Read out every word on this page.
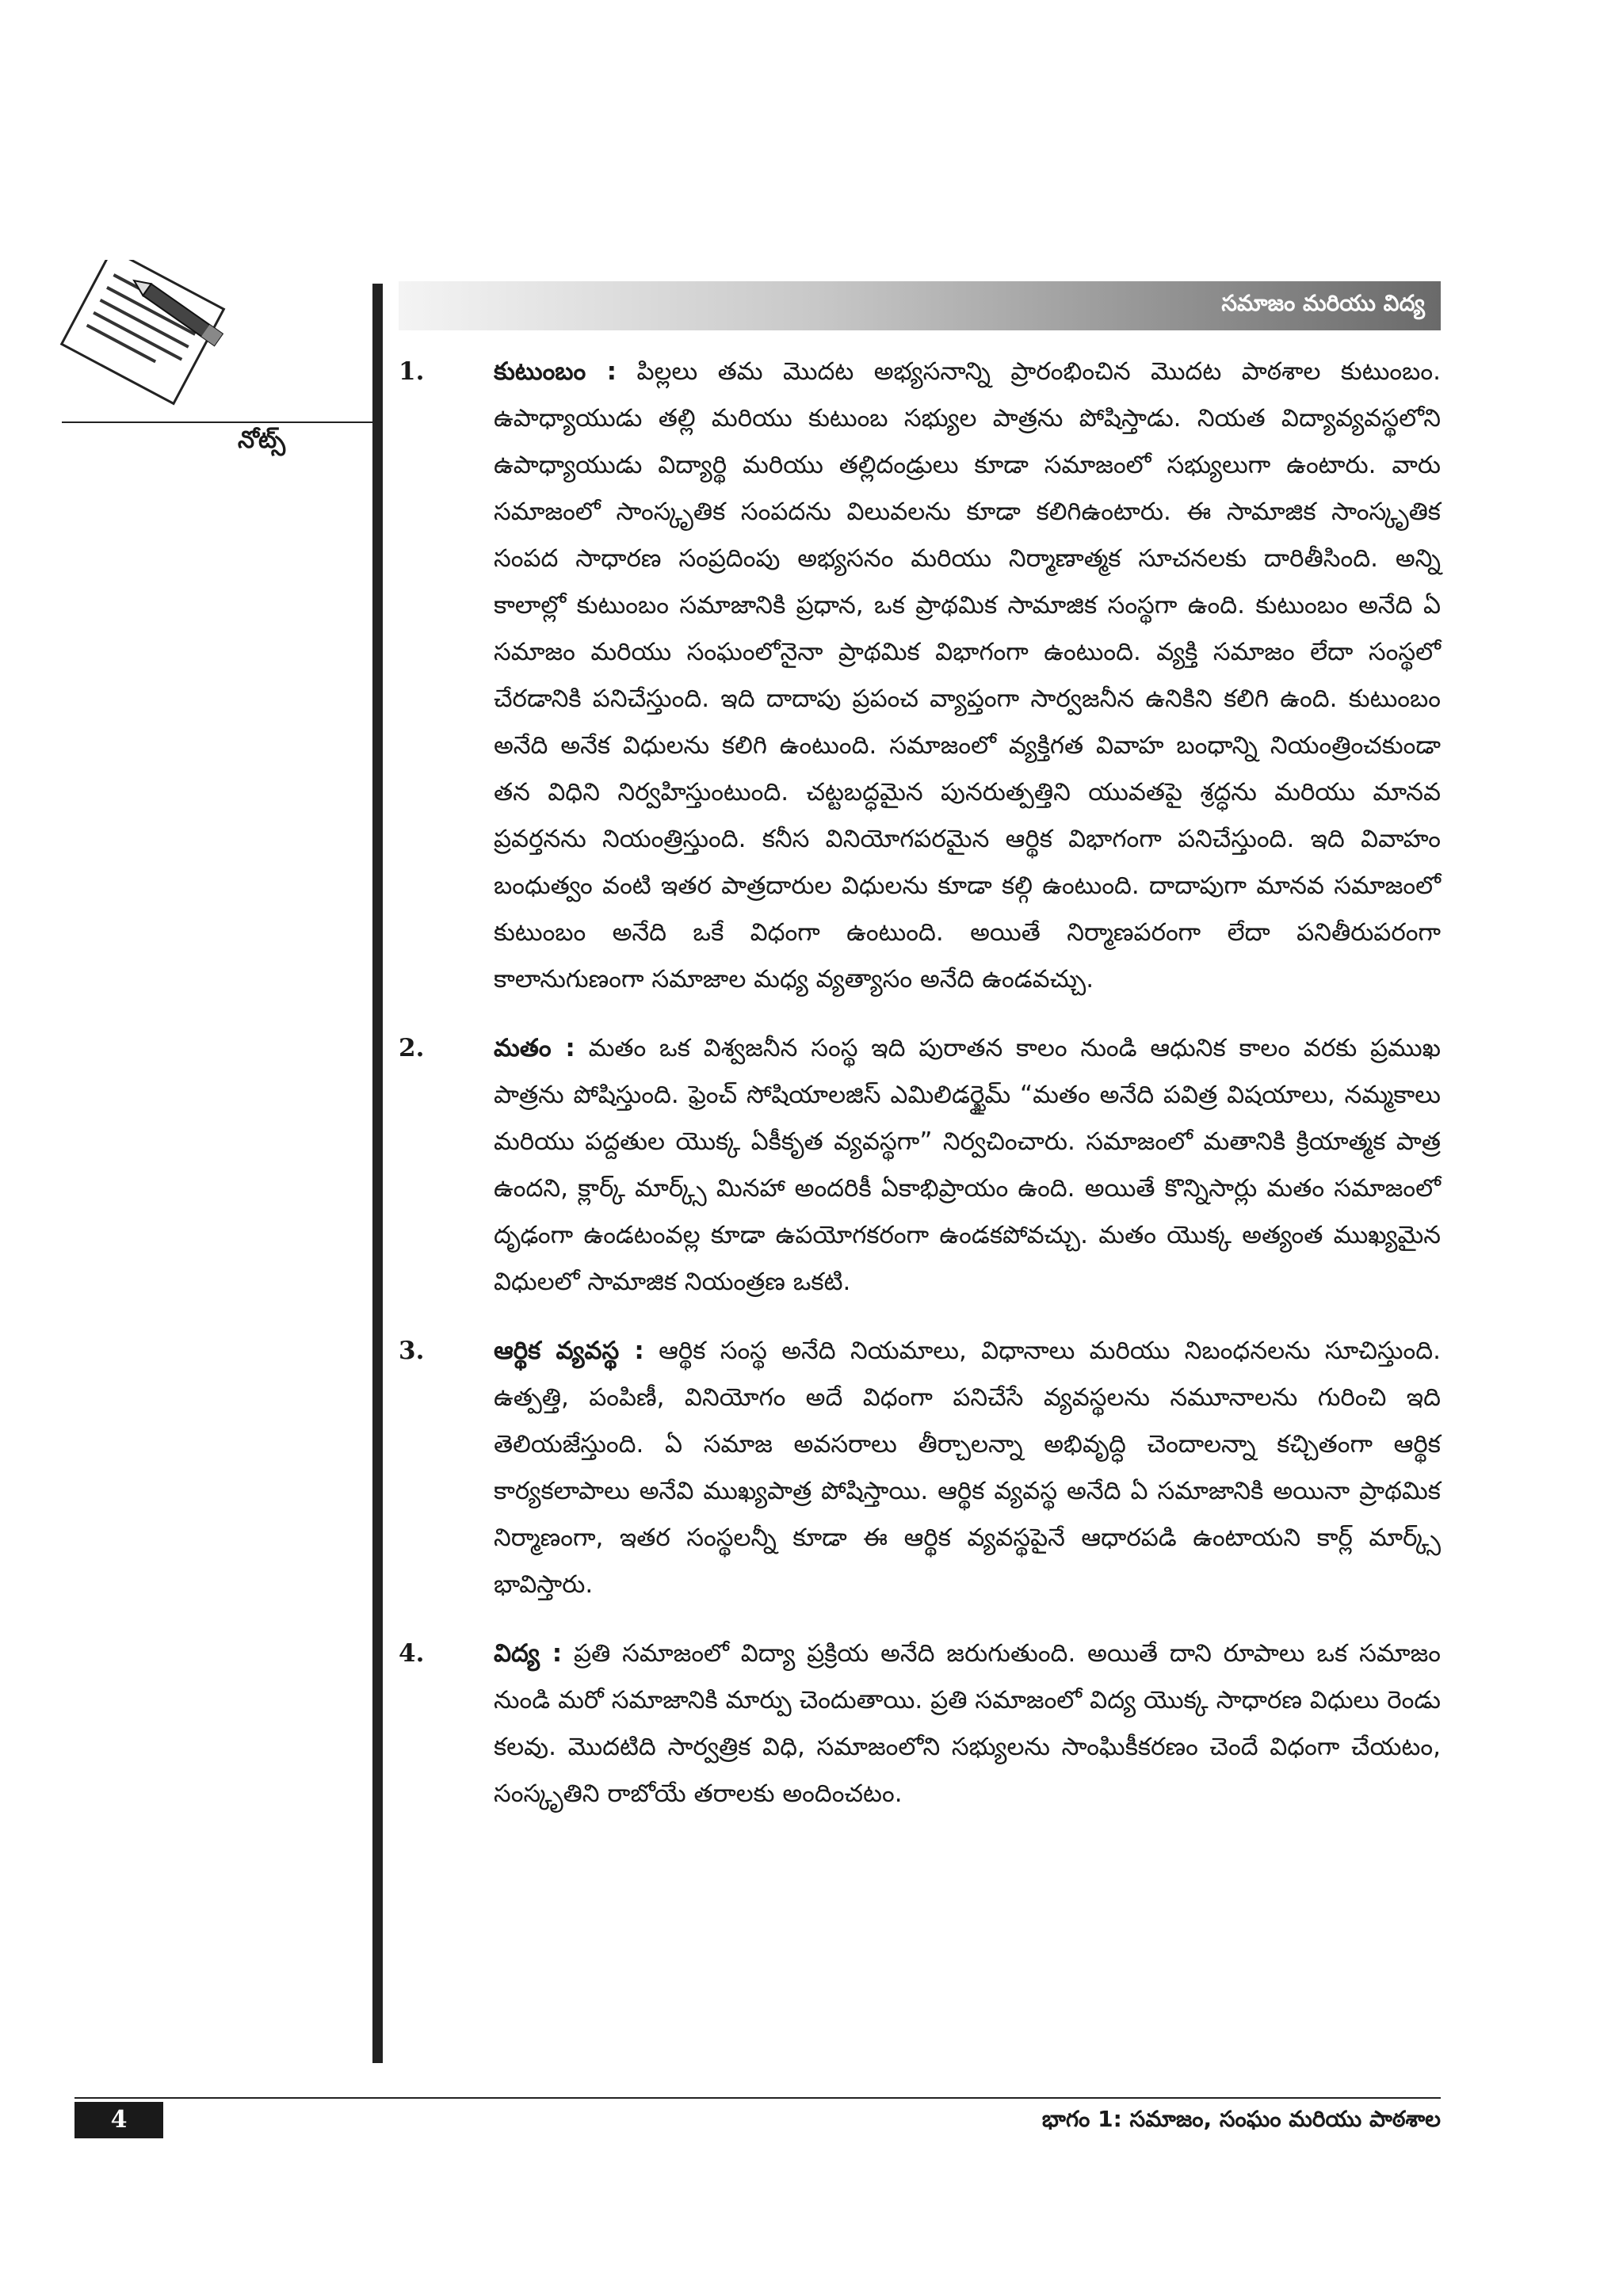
నోట్స్
సమాజం మరియు విద్య
1.	కుటుంబం : పిల్లలు తమ మొదట అభ్యసనాన్ని ప్రారంభించిన మొదట పాఠశాల కుటుంబం. ఉపాధ్యాయుడు తల్లి మరియు కుటుంబ సభ్యుల పాత్రను పోషిస్తాడు. నియత విద్యావ్యవస్థలోని ఉపాధ్యాయుడు విద్యార్థి మరియు తల్లిదండ్రులు కూడా సమాజంలో సభ్యులుగా ఉంటారు. వారు సమాజంలో సాంస్కృతిక సంపదను విలువలను కూడా కలిగిఉంటారు. ఈ సామాజిక సాంస్కృతిక సంపద సాధారణ సంప్రదింపు అభ్యసనం మరియు నిర్మాణాత్మక సూచనలకు దారితీసింది. అన్ని కాలాల్లో కుటుంబం సమాజానికి ప్రధాన, ఒక ప్రాథమిక సామాజిక సంస్థగా ఉంది. కుటుంబం అనేది ఏ సమాజం మరియు సంఘంలోనైనా ప్రాథమిక విభాగంగా ఉంటుంది. వ్యక్తి సమాజం లేదా సంస్థలో చేరడానికి పనిచేస్తుంది. ఇది దాదాపు ప్రపంచ వ్యాప్తంగా సార్వజనీన ఉనికిని కలిగి ఉంది. కుటుంబం అనేది అనేక విధులను కలిగి ఉంటుంది. సమాజంలో వ్యక్తిగత వివాహ బంధాన్ని నియంత్రించకుండా తన విధిని నిర్వహిస్తుంటుంది. చట్టబద్ధమైన పునరుత్పత్తిని యువతపై శ్రద్ధను మరియు మానవ ప్రవర్తనను నియంత్రిస్తుంది. కనీస వినియోగపరమైన ఆర్థిక విభాగంగా పనిచేస్తుంది. ఇది వివాహం బంధుత్వం వంటి ఇతర పాత్రదారుల విధులను కూడా కల్గి ఉంటుంది. దాదాపుగా మానవ సమాజంలో కుటుంబం అనేది ఒకే విధంగా ఉంటుంది. అయితే నిర్మాణపరంగా లేదా పనితీరుపరంగా కాలానుగుణంగా సమాజాల మధ్య వ్యత్యాసం అనేది ఉండవచ్చు.
2.	మతం : మతం ఒక విశ్వజనీన సంస్థ ఇది పురాతన కాలం నుండి ఆధునిక కాలం వరకు ప్రముఖ పాత్రను పోషిస్తుంది. ఫ్రెంచ్ సోషియాలజిస్ ఎమిలిడర్ఖైమ్ “మతం అనేది పవిత్ర విషయాలు, నమ్మకాలు మరియు పద్దతుల యొక్క ఏకీకృత వ్యవస్థగా” నిర్వచించారు. సమాజంలో మతానికి క్రియాత్మక పాత్ర ఉందని, క్లార్క్ మార్క్స్ మినహా అందరికీ ఏకాభిప్రాయం ఉంది. అయితే కొన్నిసార్లు మతం సమాజంలో దృఢంగా ఉండటంవల్ల కూడా ఉపయోగకరంగా ఉండకపోవచ్చు. మతం యొక్క అత్యంత ముఖ్యమైన విధులలో సామాజిక నియంత్రణ ఒకటి.
3.	ఆర్థిక వ్యవస్థ : ఆర్థిక సంస్థ అనేది నియమాలు, విధానాలు మరియు నిబంధనలను సూచిస్తుంది. ఉత్పత్తి, పంపిణీ, వినియోగం అదే విధంగా పనిచేసే వ్యవస్థలను నమూనాలను గురించి ఇది తెలియజేస్తుంది. ఏ సమాజ అవసరాలు తీర్చాలన్నా అభివృద్ధి చెందాలన్నా కచ్చితంగా ఆర్థిక కార్యకలాపాలు అనేవి ముఖ్యపాత్ర పోషిస్తాయి. ఆర్థిక వ్యవస్థ అనేది ఏ సమాజానికి అయినా ప్రాథమిక నిర్మాణంగా, ఇతర సంస్థలన్నీ కూడా ఈ ఆర్థిక వ్యవస్థపైనే ఆధారపడి ఉంటాయని కార్ల్ మార్క్స్ భావిస్తారు.
4.	విద్య : ప్రతి సమాజంలో విద్యా ప్రక్రియ అనేది జరుగుతుంది. అయితే దాని రూపాలు ఒక సమాజం నుండి మరో సమాజానికి మార్పు చెందుతాయి. ప్రతి సమాజంలో విద్య యొక్క సాధారణ విధులు రెండు కలవు. మొదటిది సార్వత్రిక విధి, సమాజంలోని సభ్యులను సాంఘికీకరణం చెందే విధంగా చేయటం, సంస్కృతిని రాబోయే తరాలకు అందించటం.
4	భాగం 1: సమాజం, సంఘం మరియు పాఠశాల
